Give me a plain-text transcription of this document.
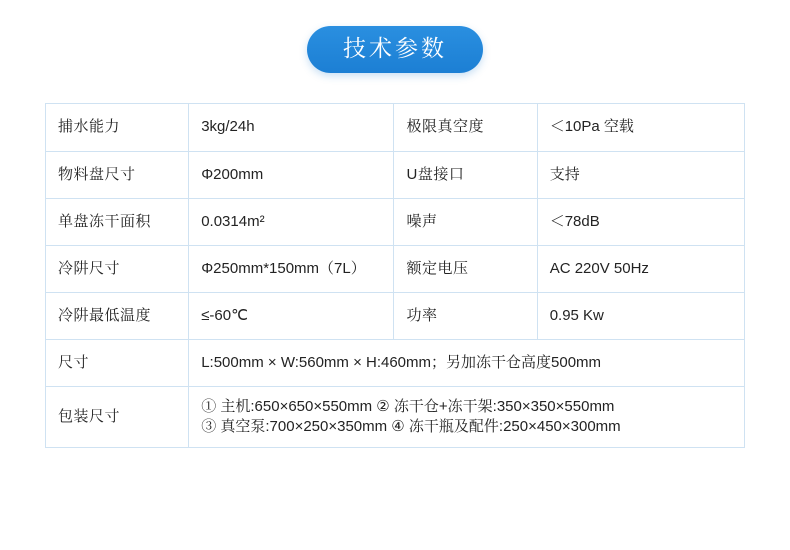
技术参数
捕水能力	3kg/24h	极限真空度	＜10Pa 空载
物料盘尺寸	Φ200mm	U盘接口	支持
单盘冻干面积	0.0314m²	噪声	＜78dB
冷阱尺寸	Φ250mm*150mm（7L）	额定电压	AC 220V 50Hz
冷阱最低温度	≤-60℃	功率	0.95 Kw
尺寸	L:500mm × W:560mm × H:460mm；另加冻干仓高度500mm		
包装尺寸	① 主机:650×650×550mm ② 冻干仓+冻干架:350×350×550mm
③ 真空泵:700×250×350mm ④ 冻干瓶及配件:250×450×300mm		
